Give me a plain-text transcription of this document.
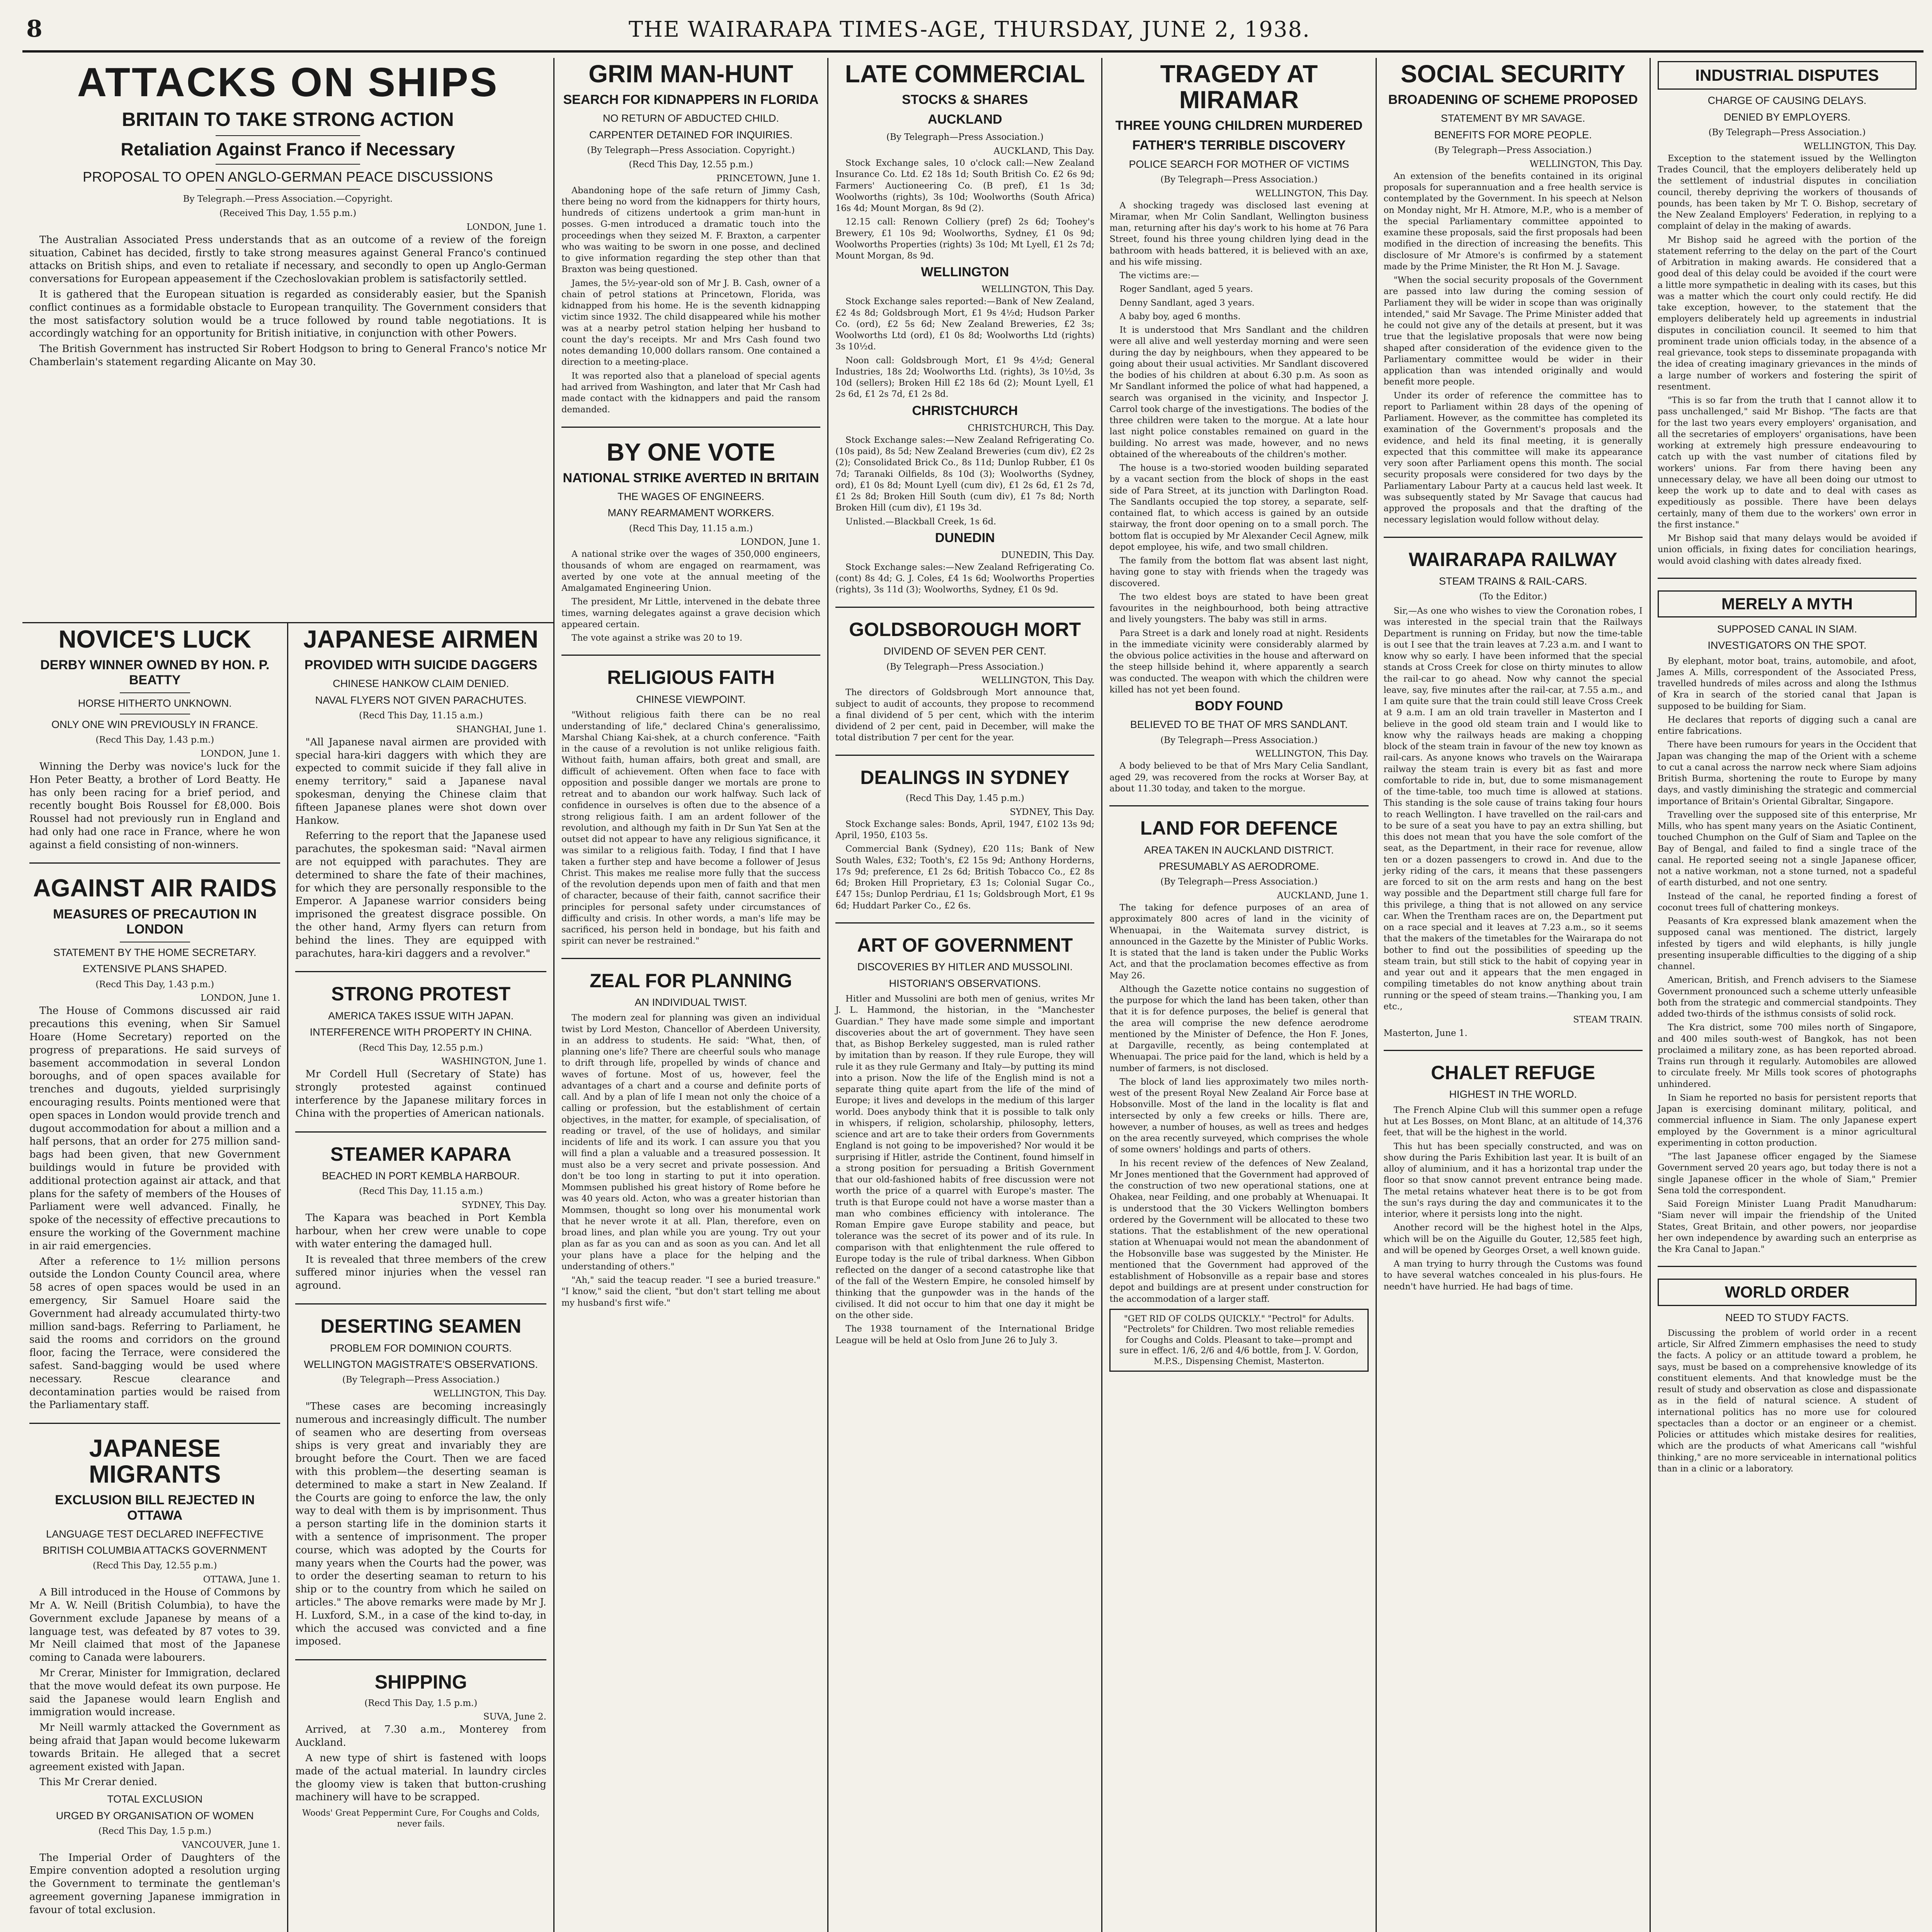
8	THE WAIRARAPA TIMES-AGE, THURSDAY, JUNE 2, 1938.
ATTACKS ON SHIPS
BRITAIN TO TAKE STRONG ACTION
Retaliation Against Franco if Necessary
PROPOSAL TO OPEN ANGLO-GERMAN PEACE DISCUSSIONS
By Telegraph.—Press Association.—Copyright.
(Received This Day, 1.55 p.m.)
LONDON, June 1.

The Australian Associated Press understands that as an outcome of a review of the foreign situation, Cabinet has decided, firstly to take strong measures against General Franco's continued attacks on British ships, and even to retaliate if necessary, and secondly to open up Anglo-German conversations for European appeasement if the Czechoslovakian problem is satisfactorily settled.

It is gathered that the European situation is regarded as considerably easier, but the Spanish conflict continues as a formidable obstacle to European tranquility. The Government considers that the most satisfactory solution would be a truce followed by round table negotiations. It is accordingly watching for an opportunity for British initiative, in conjunction with other Powers.

The British Government has instructed Sir Robert Hodgson to bring to General Franco's notice Mr Chamberlain's statement regarding Alicante on May 30.

NOVICE'S LUCK
DERBY WINNER OWNED BY HON. P. BEATTY
HORSE HITHERTO UNKNOWN.
ONLY ONE WIN PREVIOUSLY IN FRANCE.
(Recd This Day, 1.43 p.m.)
LONDON, June 1.

Winning the Derby was novice's luck for the Hon Peter Beatty, a brother of Lord Beatty. He has only been racing for a brief period, and recently bought Bois Roussel for £8,000. Bois Roussel had not previously run in England and had only had one race in France, where he won against a field consisting of non-winners.

AGAINST AIR RAIDS
MEASURES OF PRECAUTION IN LONDON
STATEMENT BY THE HOME SECRETARY.
EXTENSIVE PLANS SHAPED.
(Recd This Day, 1.43 p.m.)
LONDON, June 1.

The House of Commons discussed air raid precautions this evening, when Sir Samuel Hoare (Home Secretary) reported on the progress of preparations. He said surveys of basement accommodation in several London boroughs, and of open spaces available for trenches and dugouts, yielded surprisingly encouraging results. Points mentioned were that open spaces in London would provide trench and dugout accommodation for about a million and a half persons, that an order for 275 million sand-bags had been given, that new Government buildings would in future be provided with additional protection against air attack, and that plans for the safety of members of the Houses of Parliament were well advanced. Finally, he spoke of the necessity of effective precautions to ensure the working of the Government machine in air raid emergencies.

After a reference to 1½ million persons outside the London County Council area, where 58 acres of open spaces would be used in an emergency, Sir Samuel Hoare said the Government had already accumulated thirty-two million sand-bags. Referring to Parliament, he said the rooms and corridors on the ground floor, facing the Terrace, were considered the safest. Sand-bagging would be used where necessary. Rescue clearance and decontamination parties would be raised from the Parliamentary staff.

JAPANESE MIGRANTS
EXCLUSION BILL REJECTED IN OTTAWA
LANGUAGE TEST DECLARED INEFFECTIVE
BRITISH COLUMBIA ATTACKS GOVERNMENT
(Recd This Day, 12.55 p.m.)
OTTAWA, June 1.

A Bill introduced in the House of Commons by Mr A. W. Neill (British Columbia), to have the Government exclude Japanese by means of a language test, was defeated by 87 votes to 39. Mr Neill claimed that most of the Japanese coming to Canada were labourers.

Mr Crerar, Minister for Immigration, declared that the move would defeat its own purpose. He said the Japanese would learn English and immigration would increase.

Mr Neill warmly attacked the Government as being afraid that Japan would become lukewarm towards Britain. He alleged that a secret agreement existed with Japan.

This Mr Crerar denied.

TOTAL EXCLUSION
URGED BY ORGANISATION OF WOMEN
(Recd This Day, 1.5 p.m.)
VANCOUVER, June 1.

The Imperial Order of Daughters of the Empire convention adopted a resolution urging the Government to terminate the gentleman's agreement governing Japanese immigration in favour of total exclusion.

JAPANESE AIRMEN
PROVIDED WITH SUICIDE DAGGERS
CHINESE HANKOW CLAIM DENIED.
NAVAL FLYERS NOT GIVEN PARACHUTES.
(Recd This Day, 11.15 a.m.)
SHANGHAI, June 1.

"All Japanese naval airmen are provided with special hara-kiri daggers with which they are expected to commit suicide if they fall alive in enemy territory," said a Japanese naval spokesman, denying the Chinese claim that fifteen Japanese planes were shot down over Hankow.

Referring to the report that the Japanese used parachutes, the spokesman said: "Naval airmen are not equipped with parachutes. They are determined to share the fate of their machines, for which they are personally responsible to the Emperor. A Japanese warrior considers being imprisoned the greatest disgrace possible. On the other hand, Army flyers can return from behind the lines. They are equipped with parachutes, hara-kiri daggers and a revolver."

STRONG PROTEST
AMERICA TAKES ISSUE WITH JAPAN.
INTERFERENCE WITH PROPERTY IN CHINA.
(Recd This Day, 12.55 p.m.)
WASHINGTON, June 1.

Mr Cordell Hull (Secretary of State) has strongly protested against continued interference by the Japanese military forces in China with the properties of American nationals.

STEAMER KAPARA
BEACHED IN PORT KEMBLA HARBOUR.
(Recd This Day, 11.15 a.m.)
SYDNEY, This Day.

The Kapara was beached in Port Kembla harbour, when her crew were unable to cope with water entering the damaged hull.

It is revealed that three members of the crew suffered minor injuries when the vessel ran aground.

DESERTING SEAMEN
PROBLEM FOR DOMINION COURTS.
WELLINGTON MAGISTRATE'S OBSERVATIONS.
(By Telegraph—Press Association.)
WELLINGTON, This Day.

"These cases are becoming increasingly numerous and increasingly difficult. The number of seamen who are deserting from overseas ships is very great and invariably they are brought before the Court. Then we are faced with this problem—the deserting seaman is determined to make a start in New Zealand. If the Courts are going to enforce the law, the only way to deal with them is by imprisonment. Thus a person starting life in the dominion starts it with a sentence of imprisonment. The proper course, which was adopted by the Courts for many years when the Courts had the power, was to order the deserting seaman to return to his ship or to the country from which he sailed on articles." The above remarks were made by Mr J. H. Luxford, S.M., in a case of the kind to-day, in which the accused was convicted and a fine imposed.

SHIPPING
(Recd This Day, 1.5 p.m.)
SUVA, June 2.

Arrived, at 7.30 a.m., Monterey from Auckland.

A new type of shirt is fastened with loops made of the actual material. In laundry circles the gloomy view is taken that button-crushing machinery will have to be scrapped.

Woods' Great Peppermint Cure, For Coughs and Colds, never fails.
GRIM MAN-HUNT
SEARCH FOR KIDNAPPERS IN FLORIDA
NO RETURN OF ABDUCTED CHILD.
CARPENTER DETAINED FOR INQUIRIES.
(By Telegraph—Press Association. Copyright.)
(Recd This Day, 12.55 p.m.)
PRINCETOWN, June 1.

Abandoning hope of the safe return of Jimmy Cash, there being no word from the kidnappers for thirty hours, hundreds of citizens undertook a grim man-hunt in posses. G-men introduced a dramatic touch into the proceedings when they seized M. F. Braxton, a carpenter who was waiting to be sworn in one posse, and declined to give information regarding the step other than that Braxton was being questioned.

James, the 5½-year-old son of Mr J. B. Cash, owner of a chain of petrol stations at Princetown, Florida, was kidnapped from his home. He is the seventh kidnapping victim since 1932. The child disappeared while his mother was at a nearby petrol station helping her husband to count the day's receipts. Mr and Mrs Cash found two notes demanding 10,000 dollars ransom. One contained a direction to a meeting-place.

It was reported also that a planeload of special agents had arrived from Washington, and later that Mr Cash had made contact with the kidnappers and paid the ransom demanded.

BY ONE VOTE
NATIONAL STRIKE AVERTED IN BRITAIN
THE WAGES OF ENGINEERS.
MANY REARMAMENT WORKERS.
(Recd This Day, 11.15 a.m.)
LONDON, June 1.

A national strike over the wages of 350,000 engineers, thousands of whom are engaged on rearmament, was averted by one vote at the annual meeting of the Amalgamated Engineering Union.

The president, Mr Little, intervened in the debate three times, warning delegates against a grave decision which appeared certain.

The vote against a strike was 20 to 19.

RELIGIOUS FAITH
CHINESE VIEWPOINT.

"Without religious faith there can be no real understanding of life," declared China's generalissimo, Marshal Chiang Kai-shek, at a church conference. "Faith in the cause of a revolution is not unlike religious faith. Without faith, human affairs, both great and small, are difficult of achievement. Often when face to face with opposition and possible danger we mortals are prone to retreat and to abandon our work halfway. Such lack of confidence in ourselves is often due to the absence of a strong religious faith. I am an ardent follower of the revolution, and although my faith in Dr Sun Yat Sen at the outset did not appear to have any religious significance, it was similar to a religious faith. Today, I find that I have taken a further step and have become a follower of Jesus Christ. This makes me realise more fully that the success of the revolution depends upon men of faith and that men of character, because of their faith, cannot sacrifice their principles for personal safety under circumstances of difficulty and crisis. In other words, a man's life may be sacrificed, his person held in bondage, but his faith and spirit can never be restrained."

ZEAL FOR PLANNING
AN INDIVIDUAL TWIST.

The modern zeal for planning was given an individual twist by Lord Meston, Chancellor of Aberdeen University, in an address to students. He said: "What, then, of planning one's life? There are cheerful souls who manage to drift through life, propelled by winds of chance and waves of fortune. Most of us, however, feel the advantages of a chart and a course and definite ports of call. And by a plan of life I mean not only the choice of a calling or profession, but the establishment of certain objectives, in the matter, for example, of specialisation, of reading or travel, of the use of holidays, and similar incidents of life and its work. I can assure you that you will find a plan a valuable and a treasured possession. It must also be a very secret and private possession. And don't be too long in starting to put it into operation. Mommsen published his great history of Rome before he was 40 years old. Acton, who was a greater historian than Mommsen, thought so long over his monumental work that he never wrote it at all. Plan, therefore, even on broad lines, and plan while you are young. Try out your plan as far as you can and as soon as you can. And let all your plans have a place for the helping and the understanding of others."

"Ah," said the teacup reader. "I see a buried treasure." "I know," said the client, "but don't start telling me about my husband's first wife."

LATE COMMERCIAL
STOCKS & SHARES
AUCKLAND
(By Telegraph—Press Association.)
AUCKLAND, This Day.

Stock Exchange sales, 10 o'clock call:—New Zealand Insurance Co. Ltd. £2 18s 1d; South British Co. £2 6s 9d; Farmers' Auctioneering Co. (B pref), £1 1s 3d; Woolworths (rights), 3s 10d; Woolworths (South Africa) 16s 4d; Mount Morgan, 8s 9d (2).

12.15 call: Renown Colliery (pref) 2s 6d; Toohey's Brewery, £1 10s 9d; Woolworths, Sydney, £1 0s 9d; Woolworths Properties (rights) 3s 10d; Mt Lyell, £1 2s 7d; Mount Morgan, 8s 9d.

WELLINGTON
WELLINGTON, This Day.

Stock Exchange sales reported:—Bank of New Zealand, £2 4s 8d; Goldsbrough Mort, £1 9s 4½d; Hudson Parker Co. (ord), £2 5s 6d; New Zealand Breweries, £2 3s; Woolworths Ltd (ord), £1 0s 8d; Woolworths Ltd (rights) 3s 10½d.

Noon call: Goldsbrough Mort, £1 9s 4½d; General Industries, 18s 2d; Woolworths Ltd. (rights), 3s 10½d, 3s 10d (sellers); Broken Hill £2 18s 6d (2); Mount Lyell, £1 2s 6d, £1 2s 7d, £1 2s 8d.

CHRISTCHURCH
CHRISTCHURCH, This Day.

Stock Exchange sales:—New Zealand Refrigerating Co. (10s paid), 8s 5d; New Zealand Breweries (cum div), £2 2s (2); Consolidated Brick Co., 8s 11d; Dunlop Rubber, £1 0s 7d; Taranaki Oilfields, 8s 10d (3); Woolworths (Sydney, ord), £1 0s 8d; Mount Lyell (cum div), £1 2s 6d, £1 2s 7d, £1 2s 8d; Broken Hill South (cum div), £1 7s 8d; North Broken Hill (cum div), £1 19s 3d.

Unlisted.—Blackball Creek, 1s 6d.

DUNEDIN
DUNEDIN, This Day.

Stock Exchange sales:—New Zealand Refrigerating Co. (cont) 8s 4d; G. J. Coles, £4 1s 6d; Woolworths Properties (rights), 3s 11d (3); Woolworths, Sydney, £1 0s 9d.

GOLDSBOROUGH MORT
DIVIDEND OF SEVEN PER CENT.
(By Telegraph—Press Association.)
WELLINGTON, This Day.

The directors of Goldsbrough Mort announce that, subject to audit of accounts, they propose to recommend a final dividend of 5 per cent, which with the interim dividend of 2 per cent, paid in December, will make the total distribution 7 per cent for the year.

DEALINGS IN SYDNEY
(Recd This Day, 1.45 p.m.)
SYDNEY, This Day.

Stock Exchange sales: Bonds, April, 1947, £102 13s 9d; April, 1950, £103 5s.

Commercial Bank (Sydney), £20 11s; Bank of New South Wales, £32; Tooth's, £2 15s 9d; Anthony Horderns, 17s 9d; preference, £1 2s 6d; British Tobacco Co., £2 8s 6d; Broken Hill Proprietary, £3 1s; Colonial Sugar Co., £47 15s; Dunlop Perdriau, £1 1s; Goldsbrough Mort, £1 9s 6d; Huddart Parker Co., £2 6s.

ART OF GOVERNMENT
DISCOVERIES BY HITLER AND MUSSOLINI.
HISTORIAN'S OBSERVATIONS.

Hitler and Mussolini are both men of genius, writes Mr J. L. Hammond, the historian, in the "Manchester Guardian." They have made some simple and important discoveries about the art of government. They have seen that, as Bishop Berkeley suggested, man is ruled rather by imitation than by reason. If they rule Europe, they will rule it as they rule Germany and Italy—by putting its mind into a prison. Now the life of the English mind is not a separate thing quite apart from the life of the mind of Europe; it lives and develops in the medium of this larger world. Does anybody think that it is possible to talk only in whispers, if religion, scholarship, philosophy, letters, science and art are to take their orders from Governments England is not going to be impoverished? Nor would it be surprising if Hitler, astride the Continent, found himself in a strong position for persuading a British Government that our old-fashioned habits of free discussion were not worth the price of a quarrel with Europe's master. The truth is that Europe could not have a worse master than a man who combines efficiency with intolerance. The Roman Empire gave Europe stability and peace, but tolerance was the secret of its power and of its rule. In comparison with that enlightenment the rule offered to Europe today is the rule of tribal darkness. When Gibbon reflected on the danger of a second catastrophe like that of the fall of the Western Empire, he consoled himself by thinking that the gunpowder was in the hands of the civilised. It did not occur to him that one day it might be on the other side.

The 1938 tournament of the International Bridge League will be held at Oslo from June 26 to July 3.

TRAGEDY AT MIRAMAR
THREE YOUNG CHILDREN MURDERED
FATHER'S TERRIBLE DISCOVERY
POLICE SEARCH FOR MOTHER OF VICTIMS
(By Telegraph—Press Association.)
WELLINGTON, This Day.

A shocking tragedy was disclosed last evening at Miramar, when Mr Colin Sandlant, Wellington business man, returning after his day's work to his home at 76 Para Street, found his three young children lying dead in the bathroom with heads battered, it is believed with an axe, and his wife missing.

The victims are:—

Roger Sandlant, aged 5 years.

Denny Sandlant, aged 3 years.

A baby boy, aged 6 months.

It is understood that Mrs Sandlant and the children were all alive and well yesterday morning and were seen during the day by neighbours, when they appeared to be going about their usual activities. Mr Sandlant discovered the bodies of his children at about 6.30 p.m. As soon as Mr Sandlant informed the police of what had happened, a search was organised in the vicinity, and Inspector J. Carrol took charge of the investigations. The bodies of the three children were taken to the morgue. At a late hour last night police constables remained on guard in the building. No arrest was made, however, and no news obtained of the whereabouts of the children's mother.

The house is a two-storied wooden building separated by a vacant section from the block of shops in the east side of Para Street, at its junction with Darlington Road. The Sandlants occupied the top storey, a separate, self-contained flat, to which access is gained by an outside stairway, the front door opening on to a small porch. The bottom flat is occupied by Mr Alexander Cecil Agnew, milk depot employee, his wife, and two small children.

The family from the bottom flat was absent last night, having gone to stay with friends when the tragedy was discovered.

The two eldest boys are stated to have been great favourites in the neighbourhood, both being attractive and lively youngsters. The baby was still in arms.

Para Street is a dark and lonely road at night. Residents in the immediate vicinity were considerably alarmed by the obvious police activities in the house and afterward on the steep hillside behind it, where apparently a search was conducted. The weapon with which the children were killed has not yet been found.

BODY FOUND
BELIEVED TO BE THAT OF MRS SANDLANT.
(By Telegraph—Press Association.)
WELLINGTON, This Day.

A body believed to be that of Mrs Mary Celia Sandlant, aged 29, was recovered from the rocks at Worser Bay, at about 11.30 today, and taken to the morgue.

LAND FOR DEFENCE
AREA TAKEN IN AUCKLAND DISTRICT.
PRESUMABLY AS AERODROME.
(By Telegraph—Press Association.)
AUCKLAND, June 1.

The taking for defence purposes of an area of approximately 800 acres of land in the vicinity of Whenuapai, in the Waitemata survey district, is announced in the Gazette by the Minister of Public Works. It is stated that the land is taken under the Public Works Act, and that the proclamation becomes effective as from May 26.

Although the Gazette notice contains no suggestion of the purpose for which the land has been taken, other than that it is for defence purposes, the belief is general that the area will comprise the new defence aerodrome mentioned by the Minister of Defence, the Hon F. Jones, at Dargaville, recently, as being contemplated at Whenuapai. The price paid for the land, which is held by a number of farmers, is not disclosed.

The block of land lies approximately two miles north-west of the present Royal New Zealand Air Force base at Hobsonville. Most of the land in the locality is flat and intersected by only a few creeks or hills. There are, however, a number of houses, as well as trees and hedges on the area recently surveyed, which comprises the whole of some owners' holdings and parts of others.

In his recent review of the defences of New Zealand, Mr Jones mentioned that the Government had approved of the construction of two new operational stations, one at Ohakea, near Feilding, and one probably at Whenuapai. It is understood that the 30 Vickers Wellington bombers ordered by the Government will be allocated to these two stations. That the establishment of the new operational station at Whenuapai would not mean the abandonment of the Hobsonville base was suggested by the Minister. He mentioned that the Government had approved of the establishment of Hobsonville as a repair base and stores depot and buildings are at present under construction for the accommodation of a larger staff.

"GET RID OF COLDS QUICKLY." "Pectrol" for Adults. "Pectrolets" for Children. Two most reliable remedies for Coughs and Colds. Pleasant to take—prompt and sure in effect. 1/6, 2/6 and 4/6 bottle, from J. V. Gordon, M.P.S., Dispensing Chemist, Masterton.
SOCIAL SECURITY
BROADENING OF SCHEME PROPOSED
STATEMENT BY MR SAVAGE.
BENEFITS FOR MORE PEOPLE.
(By Telegraph—Press Association.)
WELLINGTON, This Day.

An extension of the benefits contained in its original proposals for superannuation and a free health service is contemplated by the Government. In his speech at Nelson on Monday night, Mr H. Atmore, M.P., who is a member of the special Parliamentary committee appointed to examine these proposals, said the first proposals had been modified in the direction of increasing the benefits. This disclosure of Mr Atmore's is confirmed by a statement made by the Prime Minister, the Rt Hon M. J. Savage.

"When the social security proposals of the Government are passed into law during the coming session of Parliament they will be wider in scope than was originally intended," said Mr Savage. The Prime Minister added that he could not give any of the details at present, but it was true that the legislative proposals that were now being shaped after consideration of the evidence given to the Parliamentary committee would be wider in their application than was intended originally and would benefit more people.

Under its order of reference the committee has to report to Parliament within 28 days of the opening of Parliament. However, as the committee has completed its examination of the Government's proposals and the evidence, and held its final meeting, it is generally expected that this committee will make its appearance very soon after Parliament opens this month. The social security proposals were considered for two days by the Parliamentary Labour Party at a caucus held last week. It was subsequently stated by Mr Savage that caucus had approved the proposals and that the drafting of the necessary legislation would follow without delay.

WAIRARAPA RAILWAY
STEAM TRAINS & RAIL-CARS.
(To the Editor.)

Sir,—As one who wishes to view the Coronation robes, I was interested in the special train that the Railways Department is running on Friday, but now the time-table is out I see that the train leaves at 7.23 a.m. and I want to know why so early. I have been informed that the special stands at Cross Creek for close on thirty minutes to allow the rail-car to go ahead. Now why cannot the special leave, say, five minutes after the rail-car, at 7.55 a.m., and I am quite sure that the train could still leave Cross Creek at 9 a.m. I am an old train traveller in Masterton and I believe in the good old steam train and I would like to know why the railways heads are making a chopping block of the steam train in favour of the new toy known as rail-cars. As anyone knows who travels on the Wairarapa railway the steam train is every bit as fast and more comfortable to ride in, but, due to some mismanagement of the time-table, too much time is allowed at stations. This standing is the sole cause of trains taking four hours to reach Wellington. I have travelled on the rail-cars and to be sure of a seat you have to pay an extra shilling, but this does not mean that you have the sole comfort of the seat, as the Department, in their race for revenue, allow ten or a dozen passengers to crowd in. And due to the jerky riding of the cars, it means that these passengers are forced to sit on the arm rests and hang on the best way possible and the Department still charge full fare for this privilege, a thing that is not allowed on any service car. When the Trentham races are on, the Department put on a race special and it leaves at 7.23 a.m., so it seems that the makers of the timetables for the Wairarapa do not bother to find out the possibilities of speeding up the steam train, but still stick to the habit of copying year in and year out and it appears that the men engaged in compiling timetables do not know anything about train running or the speed of steam trains.—Thanking you, I am etc.,

STEAM TRAIN.
Masterton, June 1.
CHALET REFUGE
HIGHEST IN THE WORLD.

The French Alpine Club will this summer open a refuge hut at Les Bosses, on Mont Blanc, at an altitude of 14,376 feet, that will be the highest in the world.

This hut has been specially constructed, and was on show during the Paris Exhibition last year. It is built of an alloy of aluminium, and it has a horizontal trap under the floor so that snow cannot prevent entrance being made. The metal retains whatever heat there is to be got from the sun's rays during the day and communicates it to the interior, where it persists long into the night.

Another record will be the highest hotel in the Alps, which will be on the Aiguille du Gouter, 12,585 feet high, and will be opened by Georges Orset, a well known guide.

A man trying to hurry through the Customs was found to have several watches concealed in his plus-fours. He needn't have hurried. He had bags of time.

INDUSTRIAL DISPUTES
CHARGE OF CAUSING DELAYS.
DENIED BY EMPLOYERS.
(By Telegraph—Press Association.)
WELLINGTON, This Day.

Exception to the statement issued by the Wellington Trades Council, that the employers deliberately held up the settlement of industrial disputes in conciliation council, thereby depriving the workers of thousands of pounds, has been taken by Mr T. O. Bishop, secretary of the New Zealand Employers' Federation, in replying to a complaint of delay in the making of awards.

Mr Bishop said he agreed with the portion of the statement referring to the delay on the part of the Court of Arbitration in making awards. He considered that a good deal of this delay could be avoided if the court were a little more sympathetic in dealing with its cases, but this was a matter which the court only could rectify. He did take exception, however, to the statement that the employers deliberately held up agreements in industrial disputes in conciliation council. It seemed to him that prominent trade union officials today, in the absence of a real grievance, took steps to disseminate propaganda with the idea of creating imaginary grievances in the minds of a large number of workers and fostering the spirit of resentment.

"This is so far from the truth that I cannot allow it to pass unchallenged," said Mr Bishop. "The facts are that for the last two years every employers' organisation, and all the secretaries of employers' organisations, have been working at extremely high pressure endeavouring to catch up with the vast number of citations filed by workers' unions. Far from there having been any unnecessary delay, we have all been doing our utmost to keep the work up to date and to deal with cases as expeditiously as possible. There have been delays certainly, many of them due to the workers' own error in the first instance."

Mr Bishop said that many delays would be avoided if union officials, in fixing dates for conciliation hearings, would avoid clashing with dates already fixed.

MERELY A MYTH
SUPPOSED CANAL IN SIAM.
INVESTIGATORS ON THE SPOT.

By elephant, motor boat, trains, automobile, and afoot, James A. Mills, correspondent of the Associated Press, travelled hundreds of miles across and along the Isthmus of Kra in search of the storied canal that Japan is supposed to be building for Siam.

He declares that reports of digging such a canal are entire fabrications.

There have been rumours for years in the Occident that Japan was changing the map of the Orient with a scheme to cut a canal across the narrow neck where Siam adjoins British Burma, shortening the route to Europe by many days, and vastly diminishing the strategic and commercial importance of Britain's Oriental Gibraltar, Singapore.

Travelling over the supposed site of this enterprise, Mr Mills, who has spent many years on the Asiatic Continent, touched Chumphon on the Gulf of Siam and Taplee on the Bay of Bengal, and failed to find a single trace of the canal. He reported seeing not a single Japanese officer, not a native workman, not a stone turned, not a spadeful of earth disturbed, and not one sentry.

Instead of the canal, he reported finding a forest of coconut trees full of chattering monkeys.

Peasants of Kra expressed blank amazement when the supposed canal was mentioned. The district, largely infested by tigers and wild elephants, is hilly jungle presenting insuperable difficulties to the digging of a ship channel.

American, British, and French advisers to the Siamese Government pronounced such a scheme utterly unfeasible both from the strategic and commercial standpoints. They added two-thirds of the isthmus consists of solid rock.

The Kra district, some 700 miles north of Singapore, and 400 miles south-west of Bangkok, has not been proclaimed a military zone, as has been reported abroad. Trains run through it regularly. Automobiles are allowed to circulate freely. Mr Mills took scores of photographs unhindered.

In Siam he reported no basis for persistent reports that Japan is exercising dominant military, political, and commercial influence in Siam. The only Japanese expert employed by the Government is a minor agricultural experimenting in cotton production.

"The last Japanese officer engaged by the Siamese Government served 20 years ago, but today there is not a single Japanese officer in the whole of Siam," Premier Sena told the correspondent.

Said Foreign Minister Luang Pradit Manudharum: "Siam never will impair the friendship of the United States, Great Britain, and other powers, nor jeopardise her own independence by awarding such an enterprise as the Kra Canal to Japan."

WORLD ORDER
NEED TO STUDY FACTS.

Discussing the problem of world order in a recent article, Sir Alfred Zimmern emphasises the need to study the facts. A policy or an attitude toward a problem, he says, must be based on a comprehensive knowledge of its constituent elements. And that knowledge must be the result of study and observation as close and dispassionate as in the field of natural science. A student of international politics has no more use for coloured spectacles than a doctor or an engineer or a chemist. Policies or attitudes which mistake desires for realities, which are the products of what Americans call "wishful thinking," are no more serviceable in international politics than in a clinic or a laboratory.
